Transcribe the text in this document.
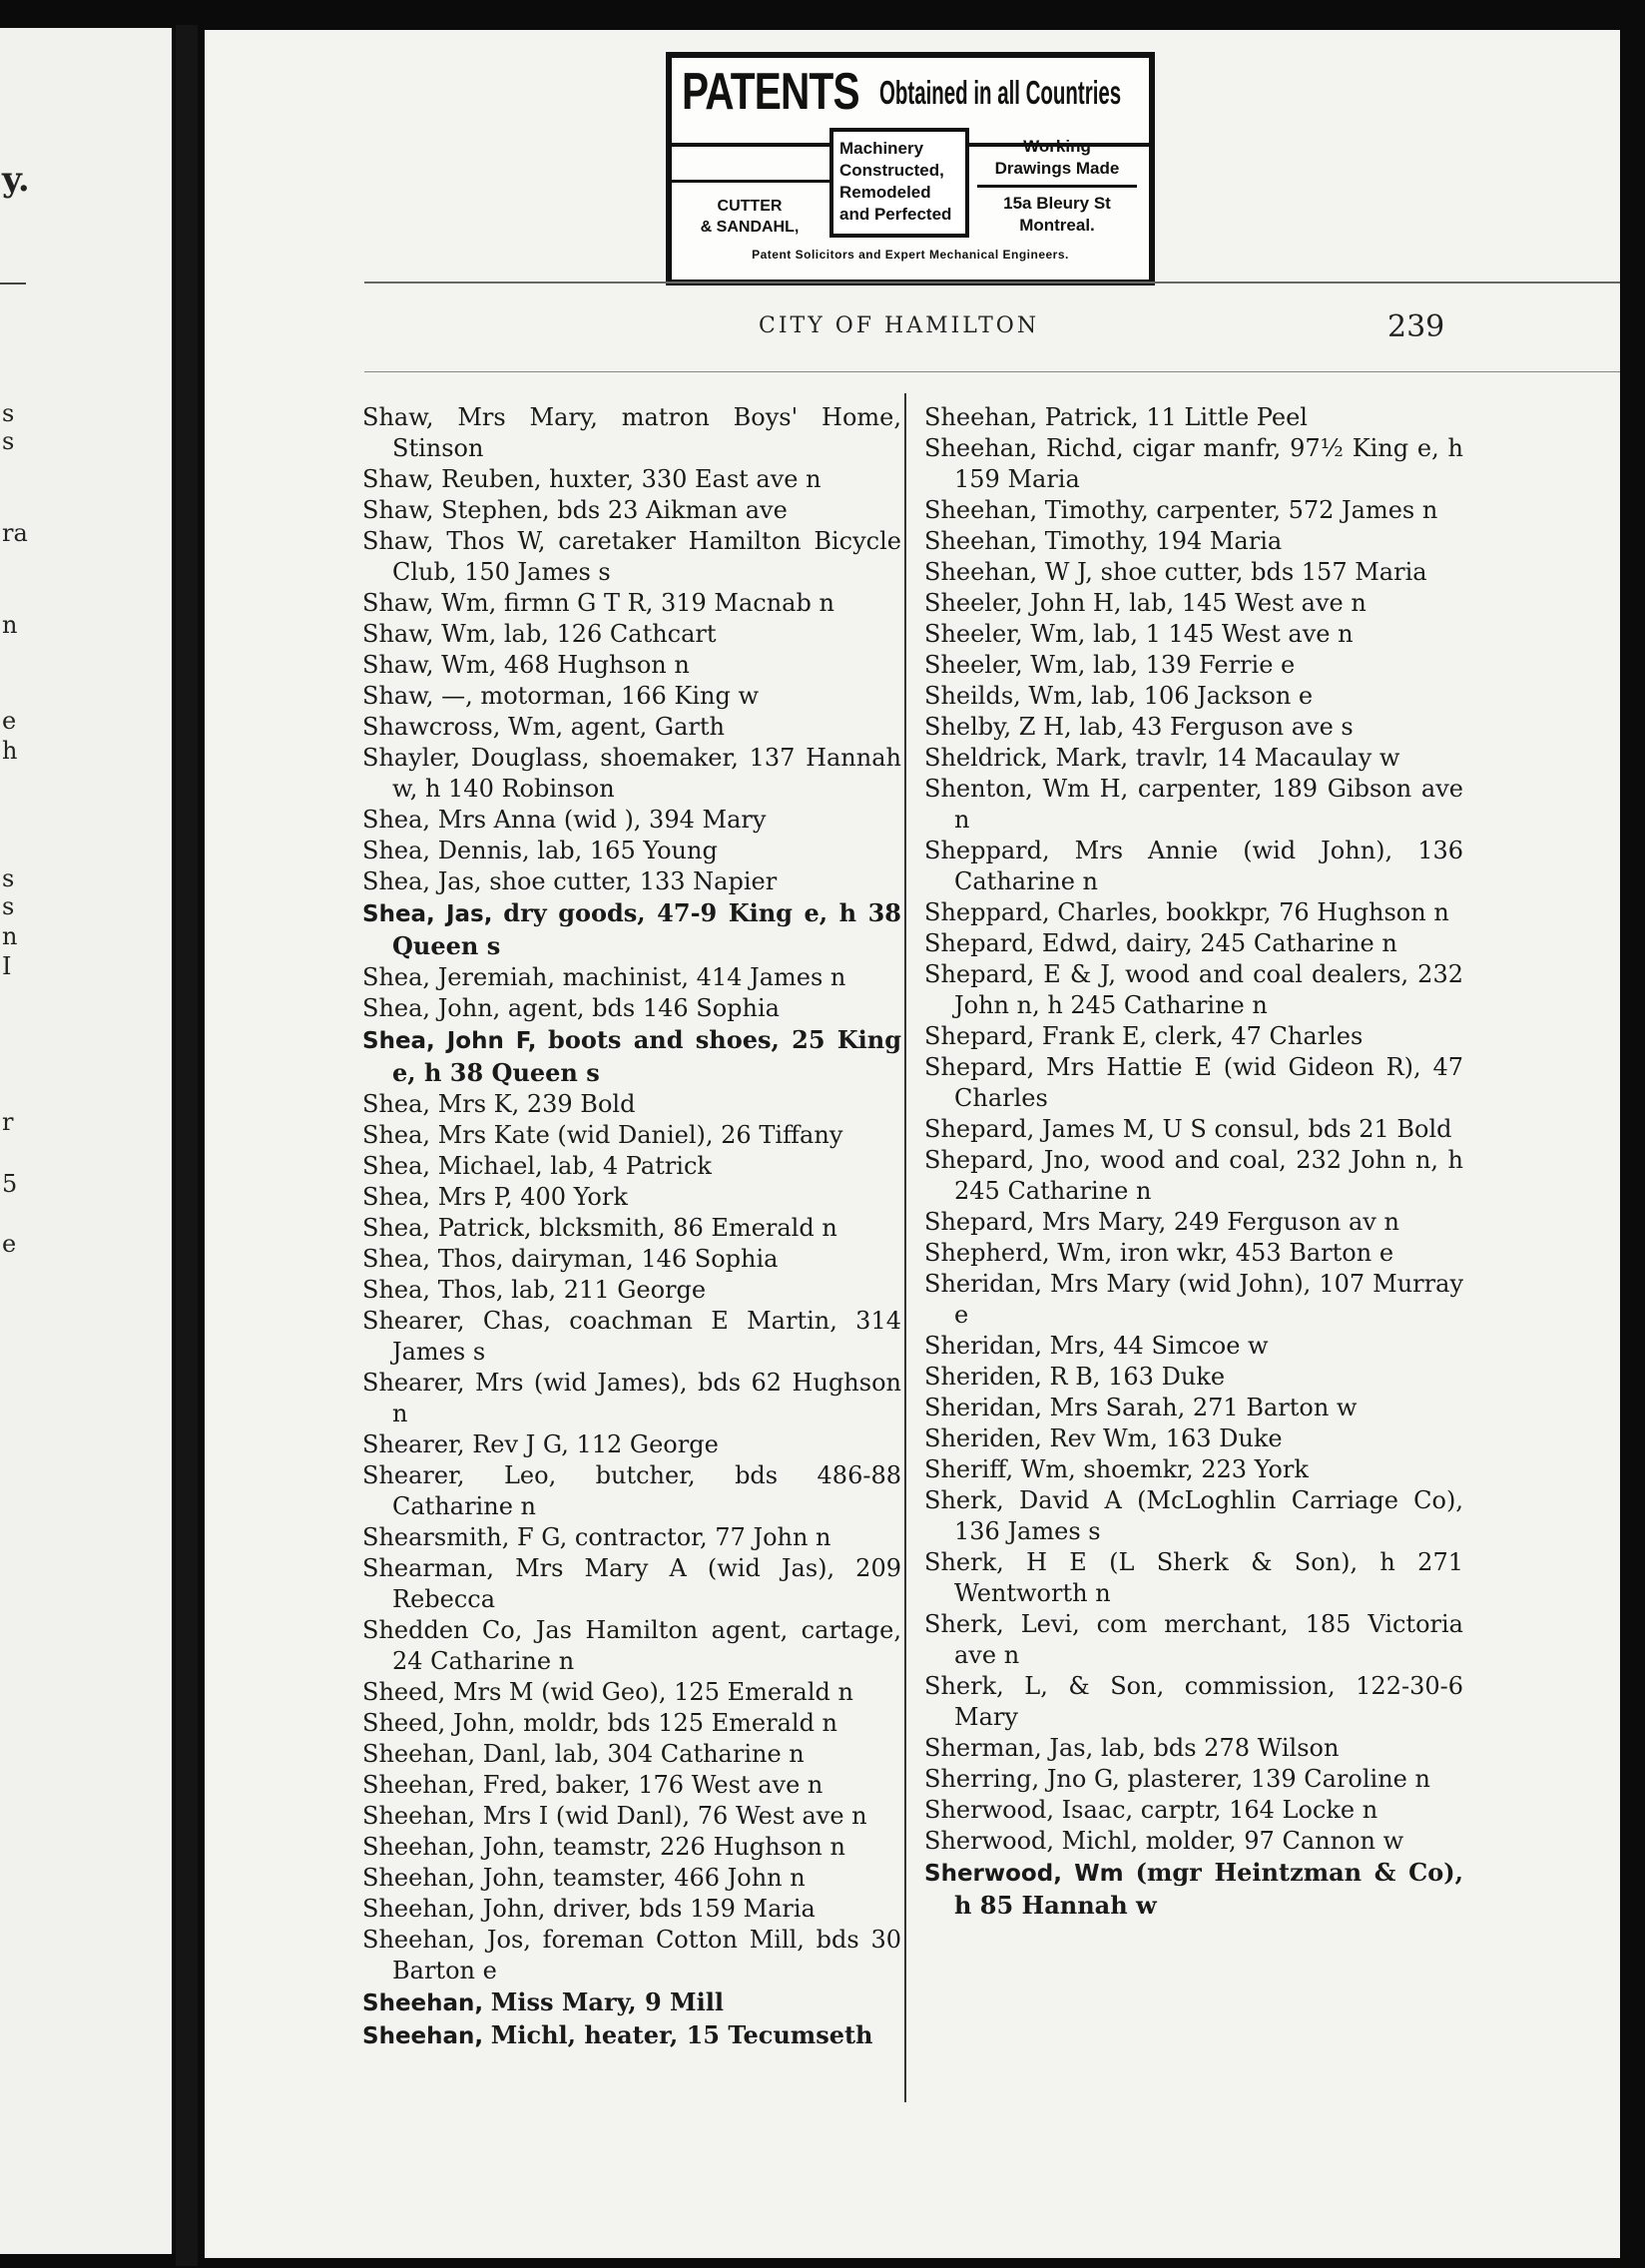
y.
s
s
ra
n
e
h
s
s
n
I
r
5
e
PATENTS Obtained in all Countries
Machinery
Constructed,
Remodeled
and Perfected
Working
Drawings Made
15a Bleury St
Montreal.
CUTTER
& SANDAHL,
Patent Solicitors and Expert Mechanical Engineers.
CITY OF HAMILTON	239
Shaw, Mrs Mary, matron Boys' Home, Stinson
Shaw, Reuben, huxter, 330 East ave n
Shaw, Stephen, bds 23 Aikman ave
Shaw, Thos W, caretaker Hamilton Bicycle Club, 150 James s
Shaw, Wm, firmn G T R, 319 Macnab n
Shaw, Wm, lab, 126 Cathcart
Shaw, Wm, 468 Hughson n
Shaw, —, motorman, 166 King w
Shawcross, Wm, agent, Garth
Shayler, Douglass, shoemaker, 137 Hannah w, h 140 Robinson
Shea, Mrs Anna (wid ), 394 Mary
Shea, Dennis, lab, 165 Young
Shea, Jas, shoe cutter, 133 Napier
Shea, Jas, dry goods, 47-9 King e, h 38 Queen s
Shea, Jeremiah, machinist, 414 James n
Shea, John, agent, bds 146 Sophia
Shea, John F, boots and shoes, 25 King e, h 38 Queen s
Shea, Mrs K, 239 Bold
Shea, Mrs Kate (wid Daniel), 26 Tiffany
Shea, Michael, lab, 4 Patrick
Shea, Mrs P, 400 York
Shea, Patrick, blcksmith, 86 Emerald n
Shea, Thos, dairyman, 146 Sophia
Shea, Thos, lab, 211 George
Shearer, Chas, coachman E Martin, 314 James s
Shearer, Mrs (wid James), bds 62 Hughson n
Shearer, Rev J G, 112 George
Shearer, Leo, butcher, bds 486-88 Catharine n
Shearsmith, F G, contractor, 77 John n
Shearman, Mrs Mary A (wid Jas), 209 Rebecca
Shedden Co, Jas Hamilton agent, cartage, 24 Catharine n
Sheed, Mrs M (wid Geo), 125 Emerald n
Sheed, John, moldr, bds 125 Emerald n
Sheehan, Danl, lab, 304 Catharine n
Sheehan, Fred, baker, 176 West ave n
Sheehan, Mrs I (wid Danl), 76 West ave n
Sheehan, John, teamstr, 226 Hughson n
Sheehan, John, teamster, 466 John n
Sheehan, John, driver, bds 159 Maria
Sheehan, Jos, foreman Cotton Mill, bds 30 Barton e
Sheehan, Miss Mary, 9 Mill
Sheehan, Michl, heater, 15 Tecumseth
Sheehan, Patrick, 11 Little Peel
Sheehan, Richd, cigar manfr, 97½ King e, h 159 Maria
Sheehan, Timothy, carpenter, 572 James n
Sheehan, Timothy, 194 Maria
Sheehan, W J, shoe cutter, bds 157 Maria
Sheeler, John H, lab, 145 West ave n
Sheeler, Wm, lab, 1 145 West ave n
Sheeler, Wm, lab, 139 Ferrie e
Sheilds, Wm, lab, 106 Jackson e
Shelby, Z H, lab, 43 Ferguson ave s
Sheldrick, Mark, travlr, 14 Macaulay w
Shenton, Wm H, carpenter, 189 Gibson ave n
Sheppard, Mrs Annie (wid John), 136 Catharine n
Sheppard, Charles, bookkpr, 76 Hughson n
Shepard, Edwd, dairy, 245 Catharine n
Shepard, E & J, wood and coal dealers, 232 John n, h 245 Catharine n
Shepard, Frank E, clerk, 47 Charles
Shepard, Mrs Hattie E (wid Gideon R), 47 Charles
Shepard, James M, U S consul, bds 21 Bold
Shepard, Jno, wood and coal, 232 John n, h 245 Catharine n
Shepard, Mrs Mary, 249 Ferguson av n
Shepherd, Wm, iron wkr, 453 Barton e
Sheridan, Mrs Mary (wid John), 107 Murray e
Sheridan, Mrs, 44 Simcoe w
Sheriden, R B, 163 Duke
Sheridan, Mrs Sarah, 271 Barton w
Sheriden, Rev Wm, 163 Duke
Sheriff, Wm, shoemkr, 223 York
Sherk, David A (McLoghlin Carriage Co), 136 James s
Sherk, H E (L Sherk & Son), h 271 Wentworth n
Sherk, Levi, com merchant, 185 Victoria ave n
Sherk, L, & Son, commission, 122-30-6 Mary
Sherman, Jas, lab, bds 278 Wilson
Sherring, Jno G, plasterer, 139 Caroline n
Sherwood, Isaac, carptr, 164 Locke n
Sherwood, Michl, molder, 97 Cannon w
Sherwood, Wm (mgr Heintzman & Co), h 85 Hannah w
